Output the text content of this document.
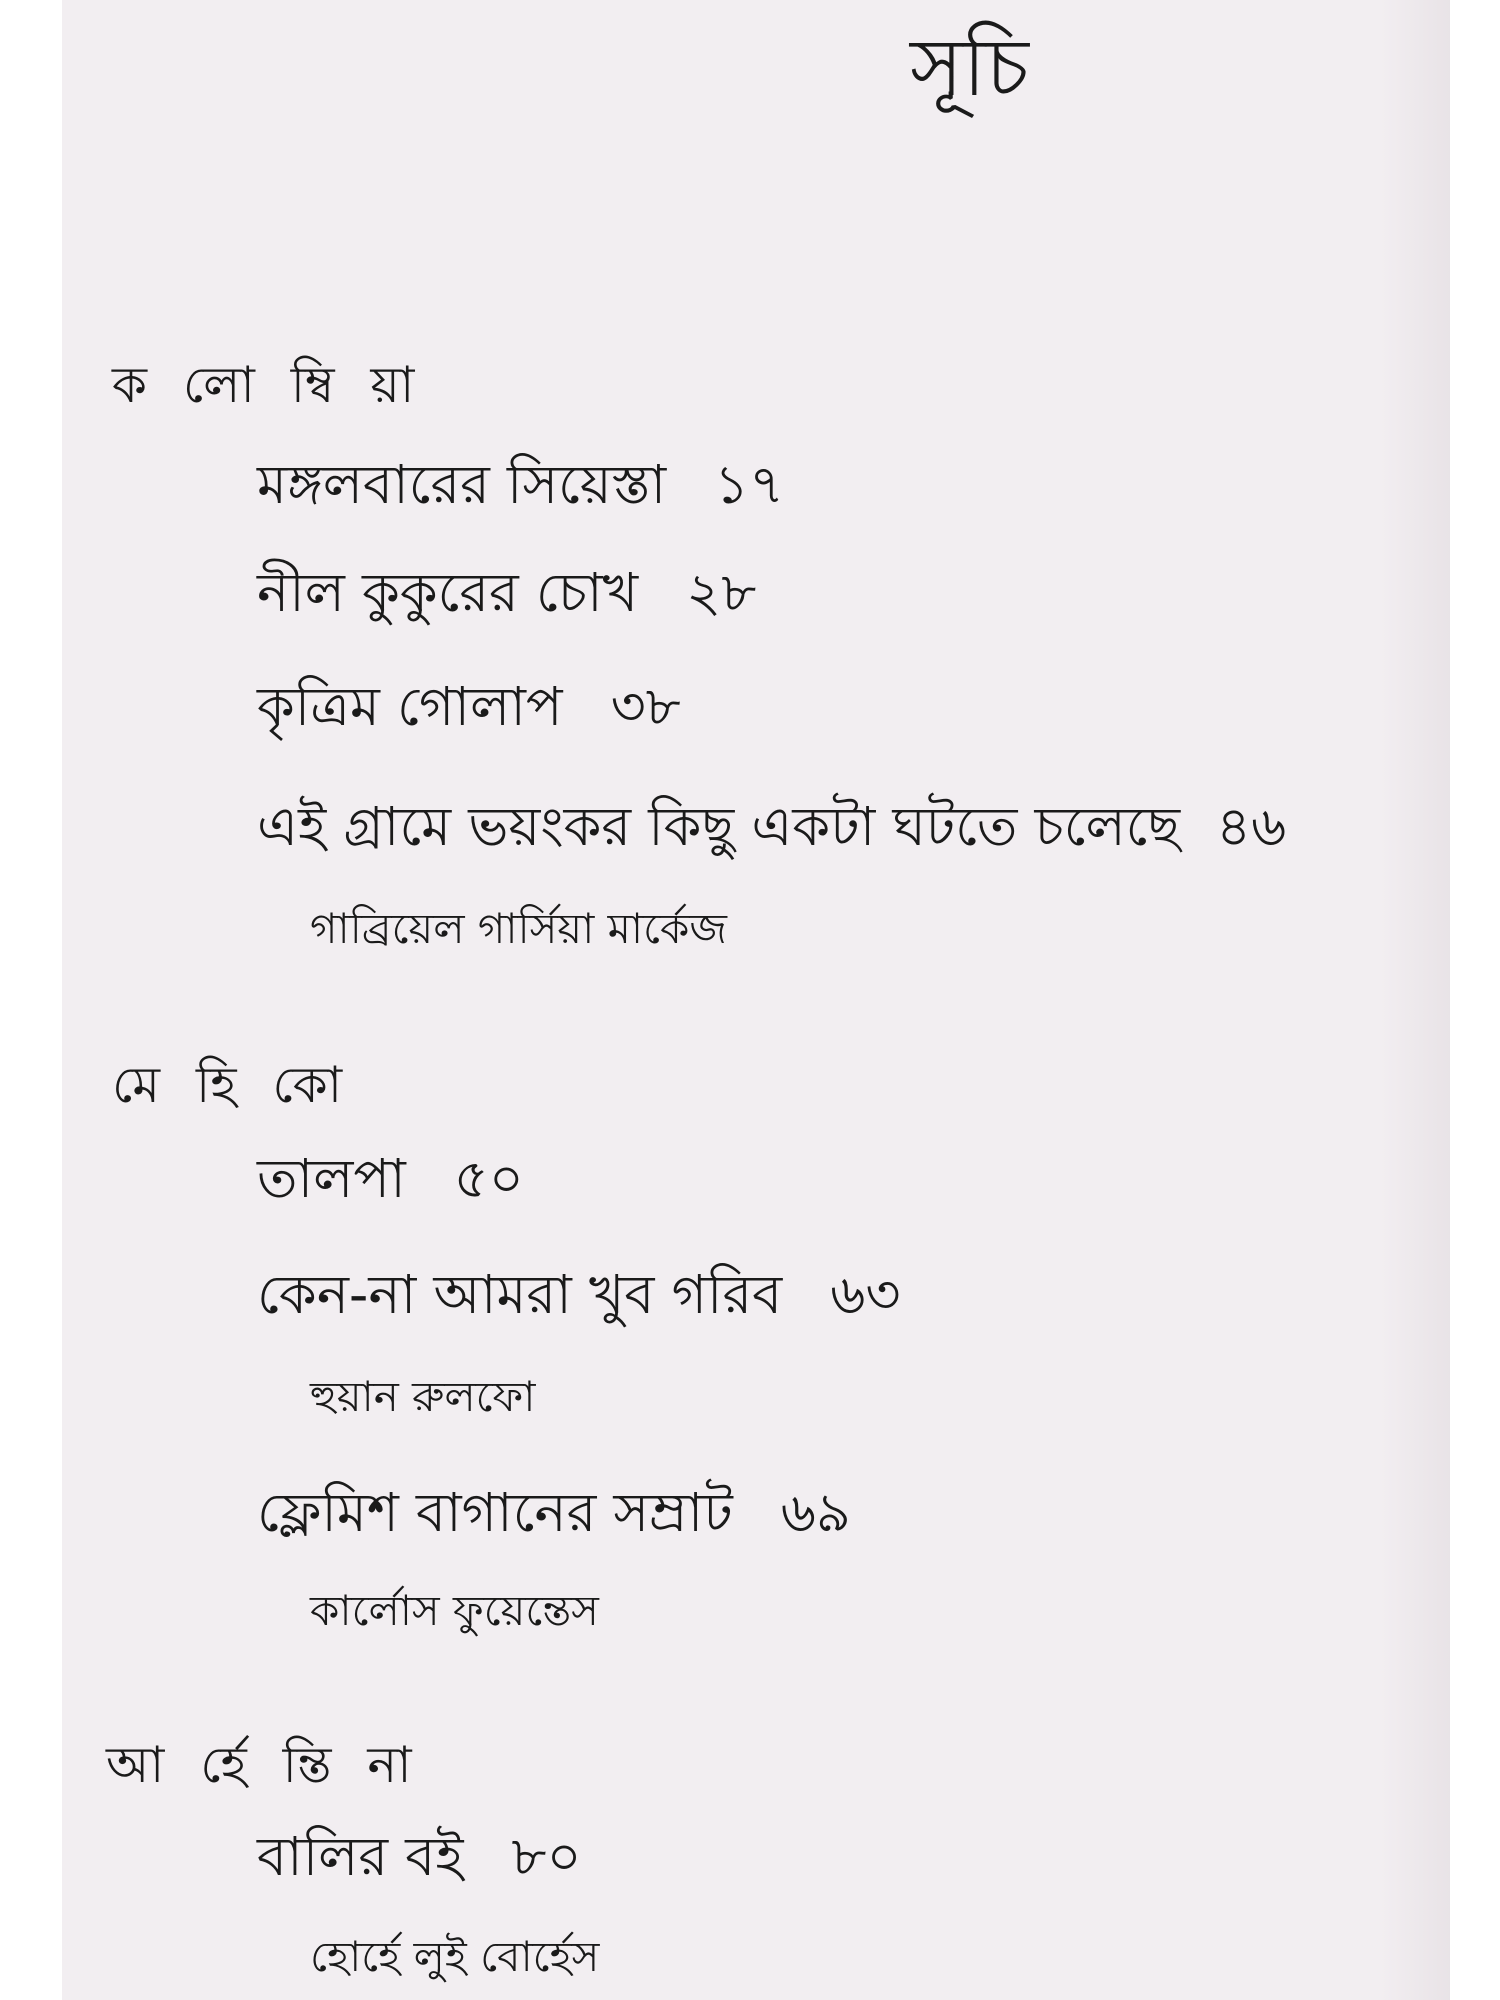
সূচি
ক লো ম্বি য়া
মঙ্গলবারের সিয়েস্তা ১৭
নীল কুকুরের চোখ ২৮
কৃত্রিম গোলাপ ৩৮
এই গ্রামে ভয়ংকর কিছু একটা ঘটতে চলেছে ৪৬
গাব্রিয়েল গার্সিয়া মার্কেজ
মে হি কো
তালপা ৫০
কেন-না আমরা খুব গরিব ৬৩
হুয়ান রুলফো
ফ্লেমিশ বাগানের সম্রাট ৬৯
কার্লোস ফুয়েন্তেস
আ র্হে ন্তি না
বালির বই ৮০
হোর্হে লুই বোর্হেস
